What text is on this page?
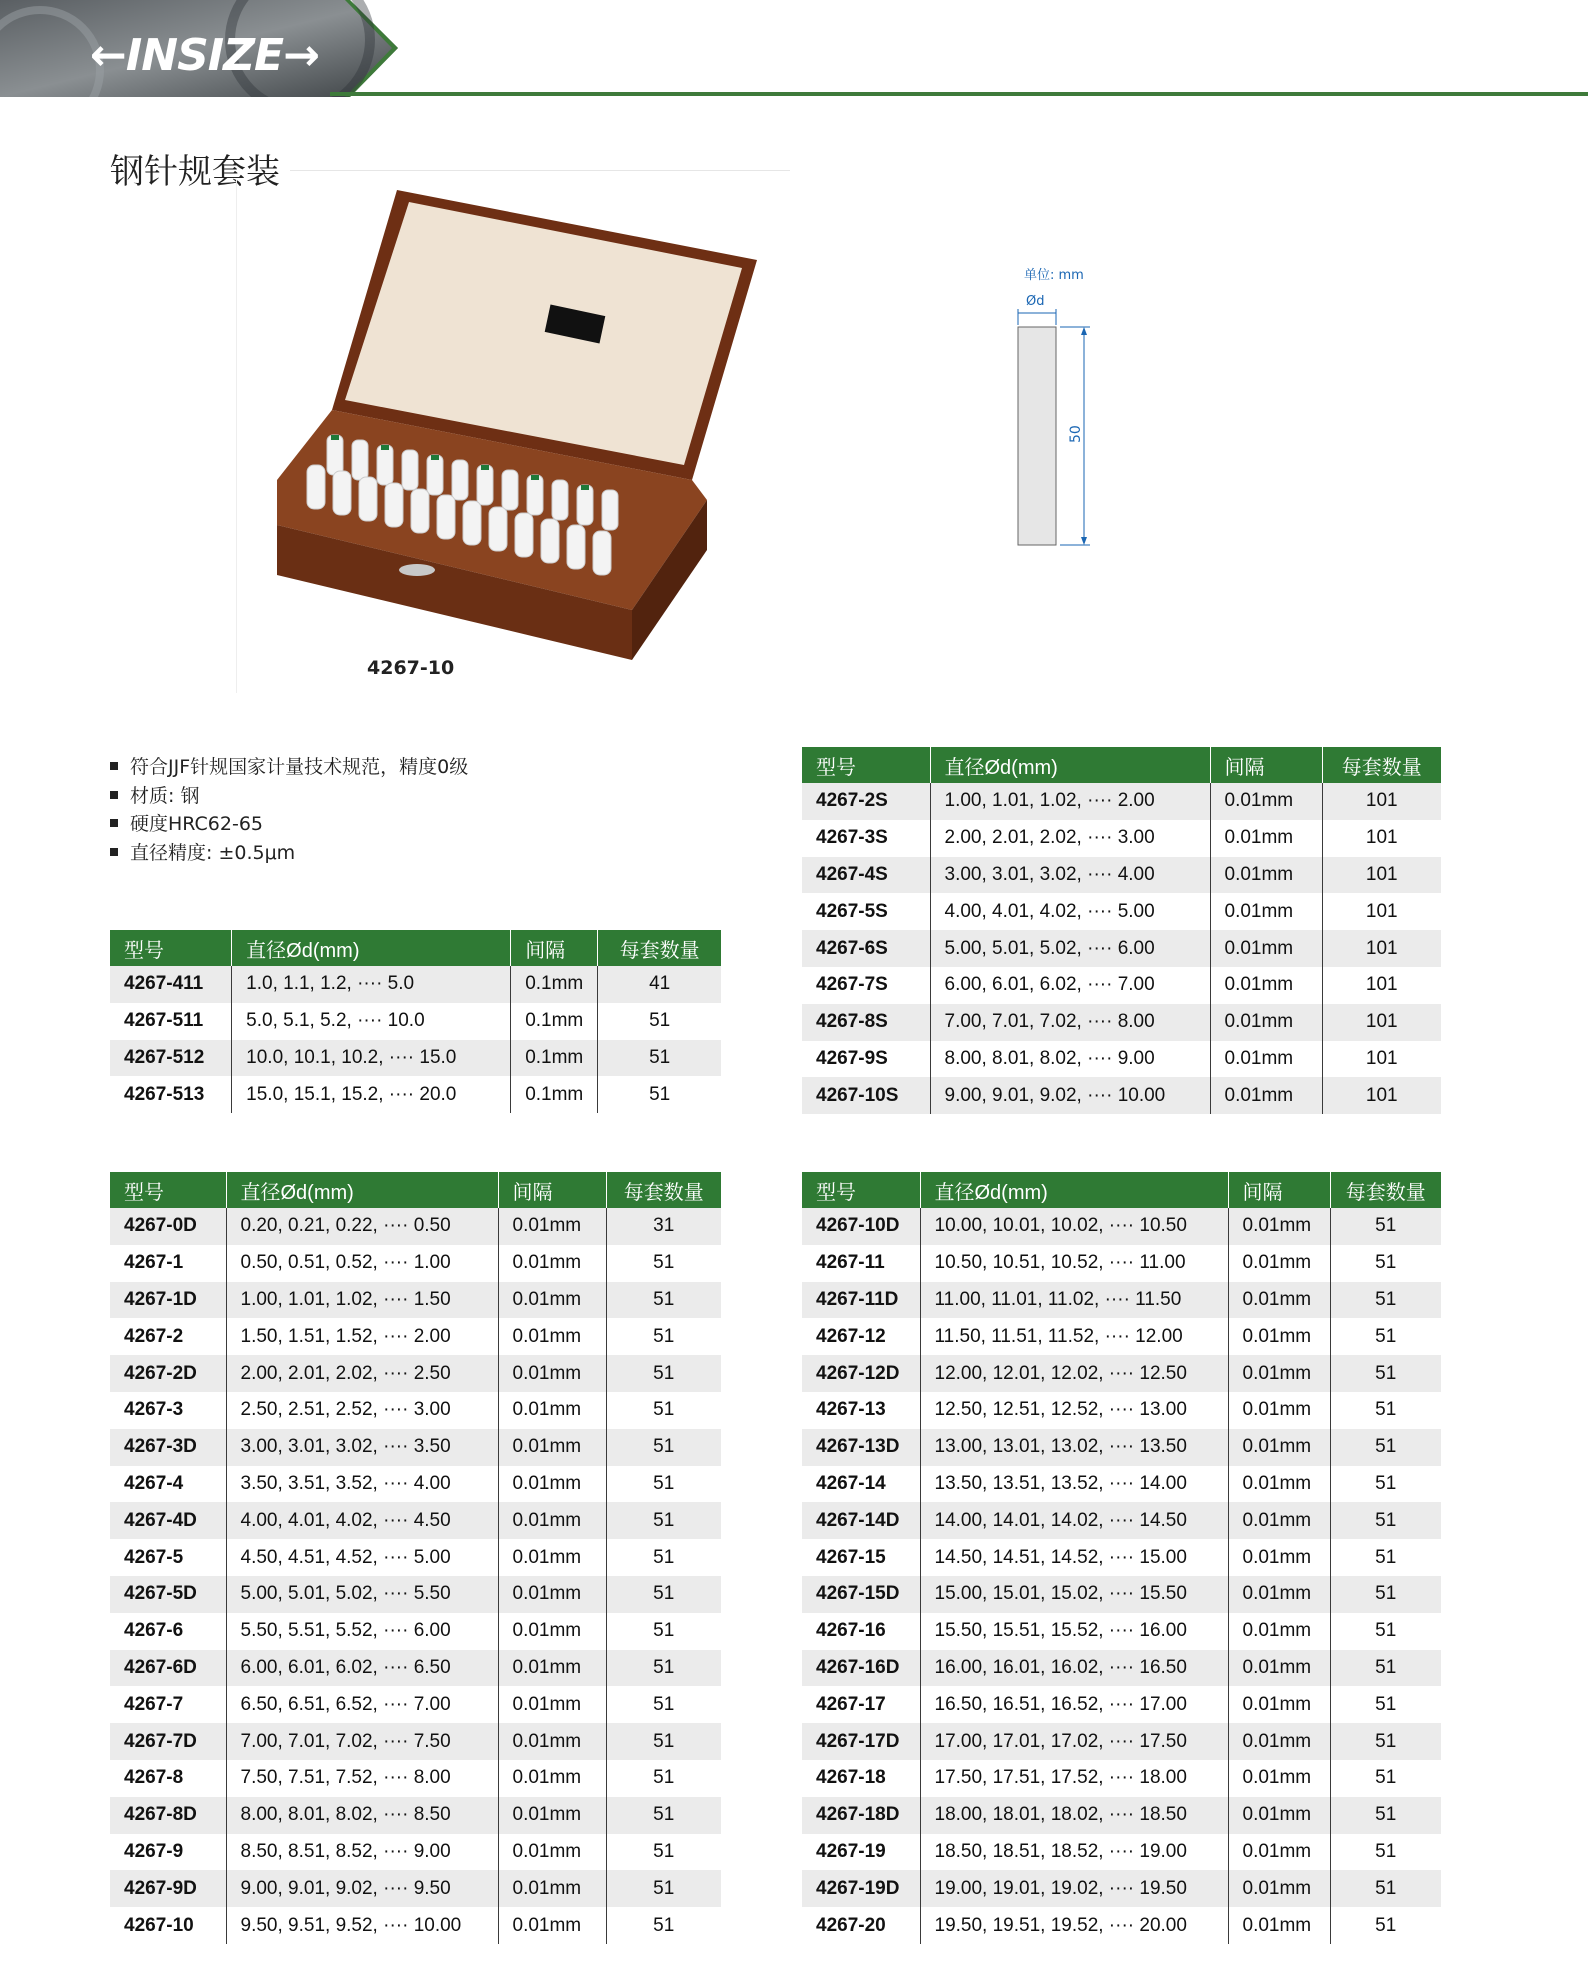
←INSIZE→
钢针规套装
4267-10
单位: mm
Ød
50
符合JJF针规国家计量技术规范，精度0级
材质: 钢
硬度HRC62-65
直径精度: ±0.5μm
型号	直径Ød(mm)	间隔	每套数量
4267-411	1.0, 1.1, 1.2, ···· 5.0	0.1mm	41
4267-511	5.0, 5.1, 5.2, ···· 10.0	0.1mm	51
4267-512	10.0, 10.1, 10.2, ···· 15.0	0.1mm	51
4267-513	15.0, 15.1, 15.2, ···· 20.0	0.1mm	51
型号	直径Ød(mm)	间隔	每套数量
4267-2S	1.00, 1.01, 1.02, ···· 2.00	0.01mm	101
4267-3S	2.00, 2.01, 2.02, ···· 3.00	0.01mm	101
4267-4S	3.00, 3.01, 3.02, ···· 4.00	0.01mm	101
4267-5S	4.00, 4.01, 4.02, ···· 5.00	0.01mm	101
4267-6S	5.00, 5.01, 5.02, ···· 6.00	0.01mm	101
4267-7S	6.00, 6.01, 6.02, ···· 7.00	0.01mm	101
4267-8S	7.00, 7.01, 7.02, ···· 8.00	0.01mm	101
4267-9S	8.00, 8.01, 8.02, ···· 9.00	0.01mm	101
4267-10S	9.00, 9.01, 9.02, ···· 10.00	0.01mm	101
型号	直径Ød(mm)	间隔	每套数量
4267-0D	0.20, 0.21, 0.22, ···· 0.50	0.01mm	31
4267-1	0.50, 0.51, 0.52, ···· 1.00	0.01mm	51
4267-1D	1.00, 1.01, 1.02, ···· 1.50	0.01mm	51
4267-2	1.50, 1.51, 1.52, ···· 2.00	0.01mm	51
4267-2D	2.00, 2.01, 2.02, ···· 2.50	0.01mm	51
4267-3	2.50, 2.51, 2.52, ···· 3.00	0.01mm	51
4267-3D	3.00, 3.01, 3.02, ···· 3.50	0.01mm	51
4267-4	3.50, 3.51, 3.52, ···· 4.00	0.01mm	51
4267-4D	4.00, 4.01, 4.02, ···· 4.50	0.01mm	51
4267-5	4.50, 4.51, 4.52, ···· 5.00	0.01mm	51
4267-5D	5.00, 5.01, 5.02, ···· 5.50	0.01mm	51
4267-6	5.50, 5.51, 5.52, ···· 6.00	0.01mm	51
4267-6D	6.00, 6.01, 6.02, ···· 6.50	0.01mm	51
4267-7	6.50, 6.51, 6.52, ···· 7.00	0.01mm	51
4267-7D	7.00, 7.01, 7.02, ···· 7.50	0.01mm	51
4267-8	7.50, 7.51, 7.52, ···· 8.00	0.01mm	51
4267-8D	8.00, 8.01, 8.02, ···· 8.50	0.01mm	51
4267-9	8.50, 8.51, 8.52, ···· 9.00	0.01mm	51
4267-9D	9.00, 9.01, 9.02, ···· 9.50	0.01mm	51
4267-10	9.50, 9.51, 9.52, ···· 10.00	0.01mm	51
型号	直径Ød(mm)	间隔	每套数量
4267-10D	10.00, 10.01, 10.02, ···· 10.50	0.01mm	51
4267-11	10.50, 10.51, 10.52, ···· 11.00	0.01mm	51
4267-11D	11.00, 11.01, 11.02, ···· 11.50	0.01mm	51
4267-12	11.50, 11.51, 11.52, ···· 12.00	0.01mm	51
4267-12D	12.00, 12.01, 12.02, ···· 12.50	0.01mm	51
4267-13	12.50, 12.51, 12.52, ···· 13.00	0.01mm	51
4267-13D	13.00, 13.01, 13.02, ···· 13.50	0.01mm	51
4267-14	13.50, 13.51, 13.52, ···· 14.00	0.01mm	51
4267-14D	14.00, 14.01, 14.02, ···· 14.50	0.01mm	51
4267-15	14.50, 14.51, 14.52, ···· 15.00	0.01mm	51
4267-15D	15.00, 15.01, 15.02, ···· 15.50	0.01mm	51
4267-16	15.50, 15.51, 15.52, ···· 16.00	0.01mm	51
4267-16D	16.00, 16.01, 16.02, ···· 16.50	0.01mm	51
4267-17	16.50, 16.51, 16.52, ···· 17.00	0.01mm	51
4267-17D	17.00, 17.01, 17.02, ···· 17.50	0.01mm	51
4267-18	17.50, 17.51, 17.52, ···· 18.00	0.01mm	51
4267-18D	18.00, 18.01, 18.02, ···· 18.50	0.01mm	51
4267-19	18.50, 18.51, 18.52, ···· 19.00	0.01mm	51
4267-19D	19.00, 19.01, 19.02, ···· 19.50	0.01mm	51
4267-20	19.50, 19.51, 19.52, ···· 20.00	0.01mm	51
